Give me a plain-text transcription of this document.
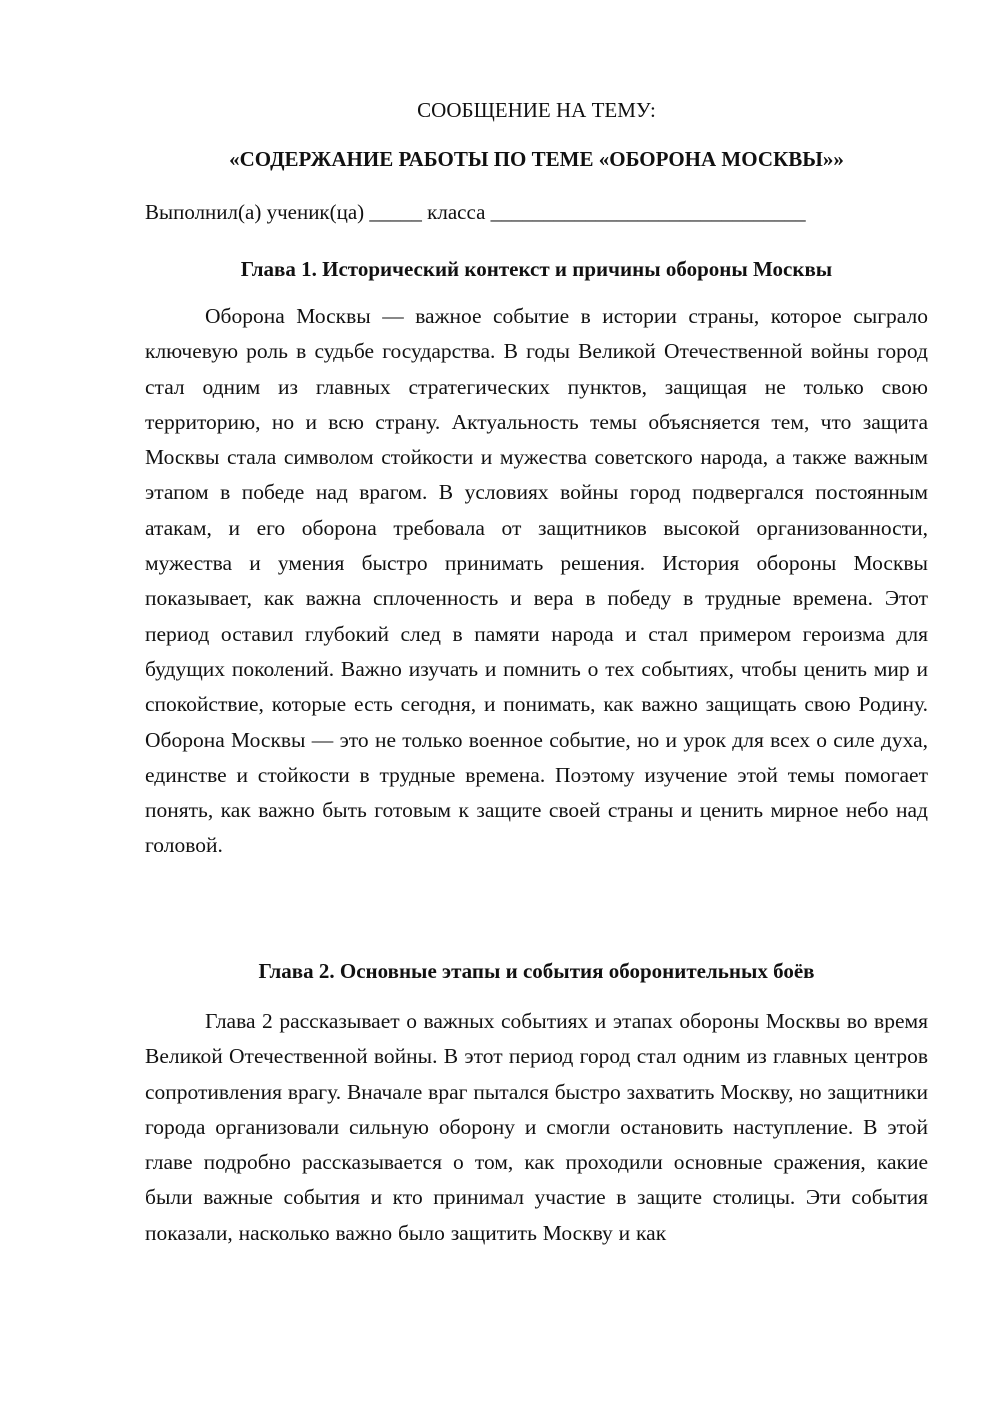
СООБЩЕНИЕ НА ТЕМУ:
«СОДЕРЖАНИЕ РАБОТЫ ПО ТЕМЕ «ОБОРОНА МОСКВЫ»»
Выполнил(а) ученик(ца) _____ класса ______________________________
Глава 1. Исторический контекст и причины обороны Москвы

Оборона Москвы — важное событие в истории страны, которое сыграло ключевую роль в судьбе государства. В годы Великой Отечественной войны город стал одним из главных стратегических пунктов, защищая не только свою территорию, но и всю страну. Актуальность темы объясняется тем, что защита Москвы стала символом стойкости и мужества советского народа, а также важным этапом в победе над врагом. В условиях войны город подвергался постоянным атакам, и его оборона требовала от защитников высокой организованности, мужества и умения быстро принимать решения. История обороны Москвы показывает, как важна сплоченность и вера в победу в трудные времена. Этот период оставил глубокий след в памяти народа и стал примером героизма для будущих поколений. Важно изучать и помнить о тех событиях, чтобы ценить мир и спокойствие, которые есть сегодня, и понимать, как важно защищать свою Родину. Оборона Москвы — это не только военное событие, но и урок для всех о силе духа, единстве и стойкости в трудные времена. Поэтому изучение этой темы помогает понять, как важно быть готовым к защите своей страны и ценить мирное небо над головой.

Глава 2. Основные этапы и события оборонительных боёв

Глава 2 рассказывает о важных событиях и этапах обороны Москвы во время Великой Отечественной войны. В этот период город стал одним из главных центров сопротивления врагу. Вначале враг пытался быстро захватить Москву, но защитники города организовали сильную оборону и смогли остановить наступление. В этой главе подробно рассказывается о том, как проходили основные сражения, какие были важные события и кто принимал участие в защите столицы. Эти события показали, насколько важно было защитить Москву и как
